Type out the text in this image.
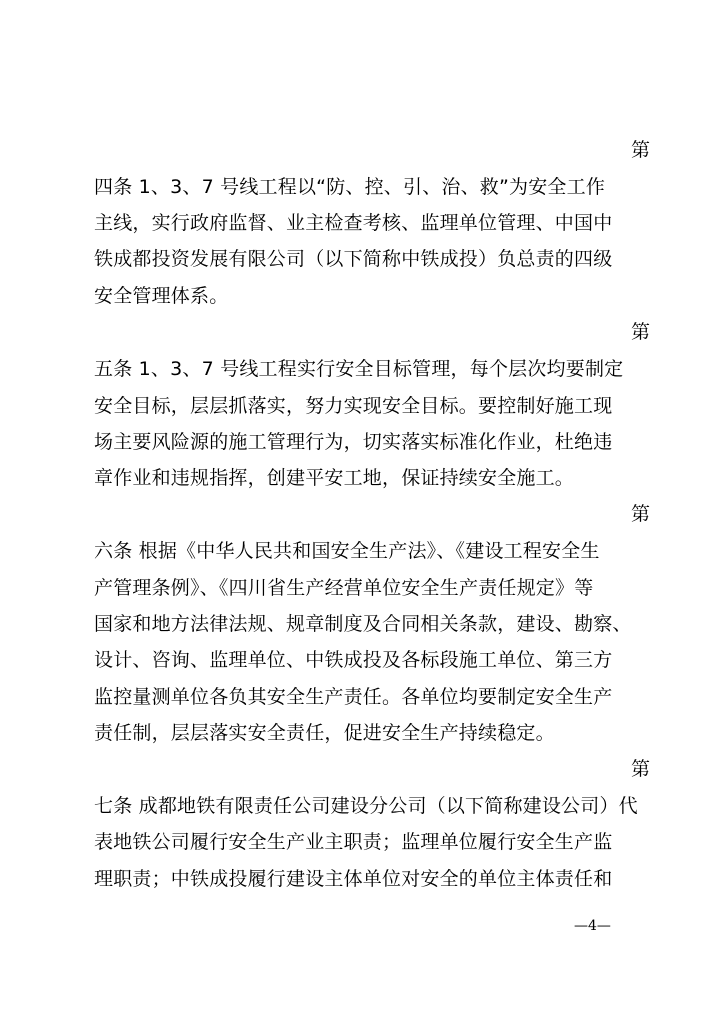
第
四条 1、3、7 号线工程以“防、控、引、治、救”为安全工作
主线，实行政府监督、业主检查考核、监理单位管理、中国中
铁成都投资发展有限公司（以下简称中铁成投）负总责的四级
安全管理体系。
第
五条 1、3、7 号线工程实行安全目标管理，每个层次均要制定
安全目标，层层抓落实，努力实现安全目标。要控制好施工现
场主要风险源的施工管理行为，切实落实标准化作业，杜绝违
章作业和违规指挥，创建平安工地，保证持续安全施工。
第
六条 根据《中华人民共和国安全生产法》、《建设工程安全生
产管理条例》、《四川省生产经营单位安全生产责任规定》等
国家和地方法律法规、规章制度及合同相关条款，建设、勘察、
设计、咨询、监理单位、中铁成投及各标段施工单位、第三方
监控量测单位各负其安全生产责任。各单位均要制定安全生产
责任制，层层落实安全责任，促进安全生产持续稳定。
第
七条 成都地铁有限责任公司建设分公司（以下简称建设公司）代
表地铁公司履行安全生产业主职责；监理单位履行安全生产监
理职责；中铁成投履行建设主体单位对安全的单位主体责任和
—4—
